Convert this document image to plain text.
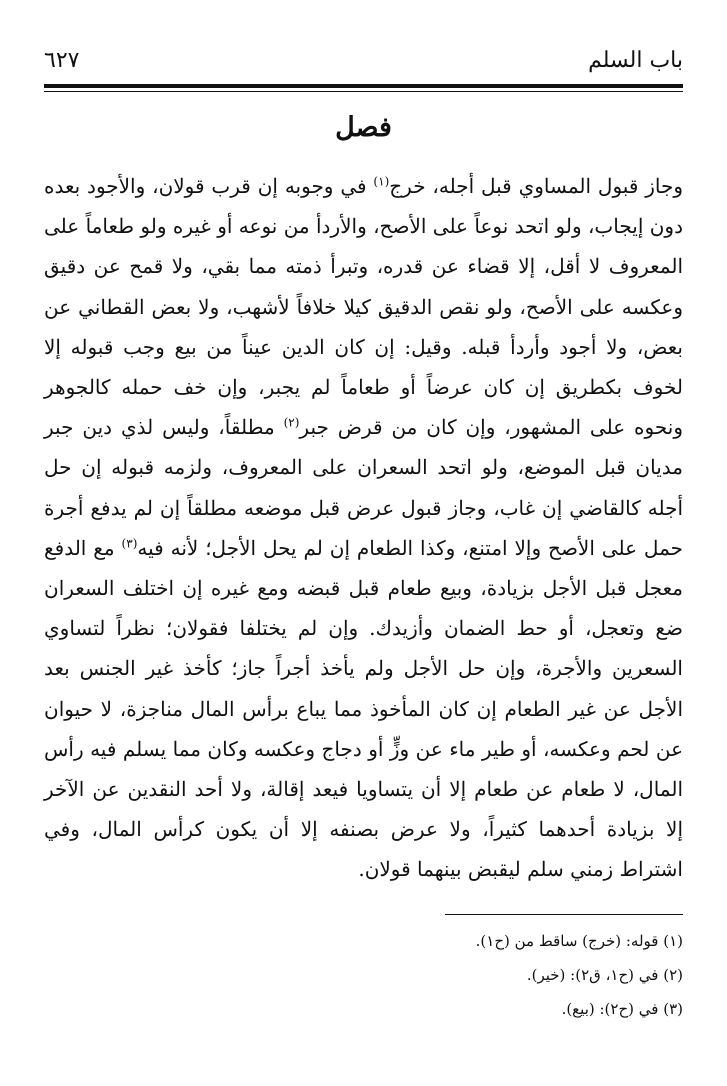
باب السلم
٦٢٧
فصل

وجاز قبول المساوي قبل أجله، خرج$^{(١)}$ في وجوبه إن قرب قولان، والأجود بعده دون إيجاب، ولو اتحد نوعاً على الأصح، والأردأ من نوعه أو غيره ولو طعاماً على المعروف لا أقل، إلا قضاء عن قدره، وتبرأ ذمته مما بقي، ولا قمح عن دقيق وعكسه على الأصح، ولو نقص الدقيق كيلا خلافاً لأشهب، ولا بعض القطاني عن بعض، ولا أجود وأردأ قبله. وقيل: إن كان الدين عيناً من بيع وجب قبوله إلا لخوف بكطريق إن كان عرضاً أو طعاماً لم يجبر، وإن خف حمله كالجوهر ونحوه على المشهور، وإن كان من قرض جبر$^{(٢)}$ مطلقاً، وليس لذي دين جبر مديان قبل الموضع، ولو اتحد السعران على المعروف، ولزمه قبوله إن حل أجله كالقاضي إن غاب، وجاز قبول عرض قبل موضعه مطلقاً إن لم يدفع أجرة حمل على الأصح وإلا امتنع، وكذا الطعام إن لم يحل الأجل؛ لأنه فيه$^{(٣)}$ مع الدفع معجل قبل الأجل بزيادة، وبيع طعام قبل قبضه ومع غيره إن اختلف السعران ضع وتعجل، أو حط الضمان وأزيدك. وإن لم يختلفا فقولان؛ نظراً لتساوي السعرين والأجرة، وإن حل الأجل ولم يأخذ أجراً جاز؛ كأخذ غير الجنس بعد الأجل عن غير الطعام إن كان المأخوذ مما يباع برأس المال مناجزة، لا حيوان عن لحم وعكسه، أو طير ماء عن وزٍّ أو دجاج وعكسه وكان مما يسلم فيه رأس المال، لا طعام عن طعام إلا أن يتساويا فيعد إقالة، ولا أحد النقدين عن الآخر إلا بزيادة أحدهما كثيراً، ولا عرض بصنفه إلا أن يكون كرأس المال، وفي اشتراط زمني سلم ليقبض بينهما قولان.

(١) قوله: (خرج) ساقط من (ح١).
(٢) في (ح١، ق٢): (خير).
(٣) في (ح٢): (بيع).
